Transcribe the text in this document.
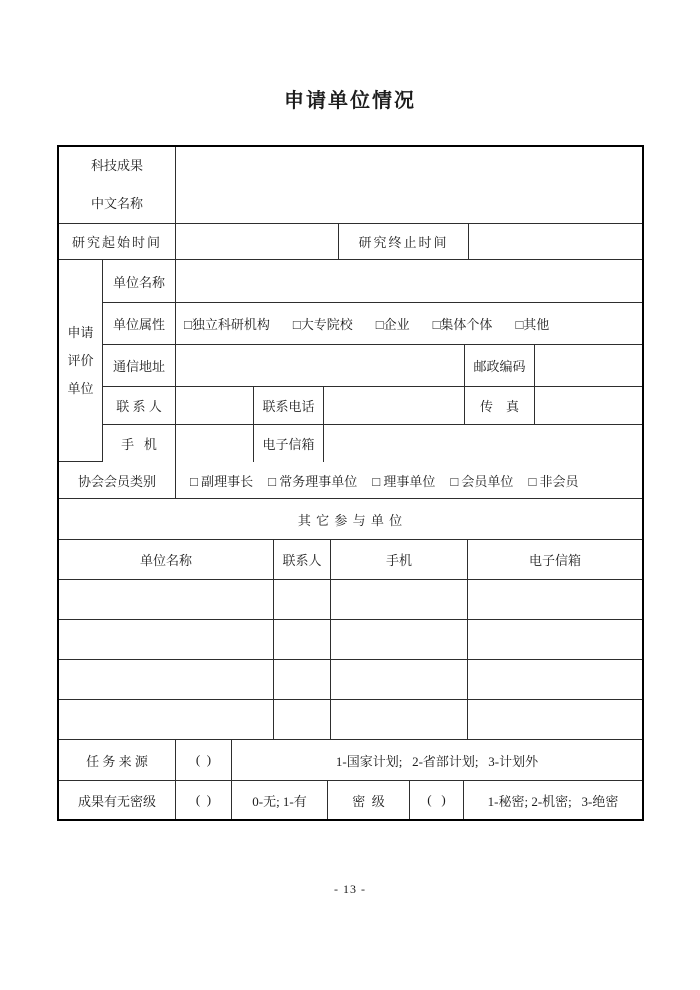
申请单位情况
科技成果
中文名称
研究起始时间	研究终止时间
申请
评价
单位
单位名称
单位属性	□独立科研机构 □大专院校 □企业 □集体个体 □其他
通信地址	邮政编码
联 系 人	联系电话	传    真
手   机	电子信箱
协会会员类别	□ 副理事长 □ 常务理事单位 □ 理事单位 □ 会员单位 □ 非会员
其 它 参 与 单 位
单位名称	联系人	手机	电子信箱
任 务 来 源	(  )	1-国家计划;   2-省部计划;   3-计划外
成果有无密级	(  )	0-无; 1-有	密  级	(   )	1-秘密; 2-机密;   3-绝密
- 13 -
